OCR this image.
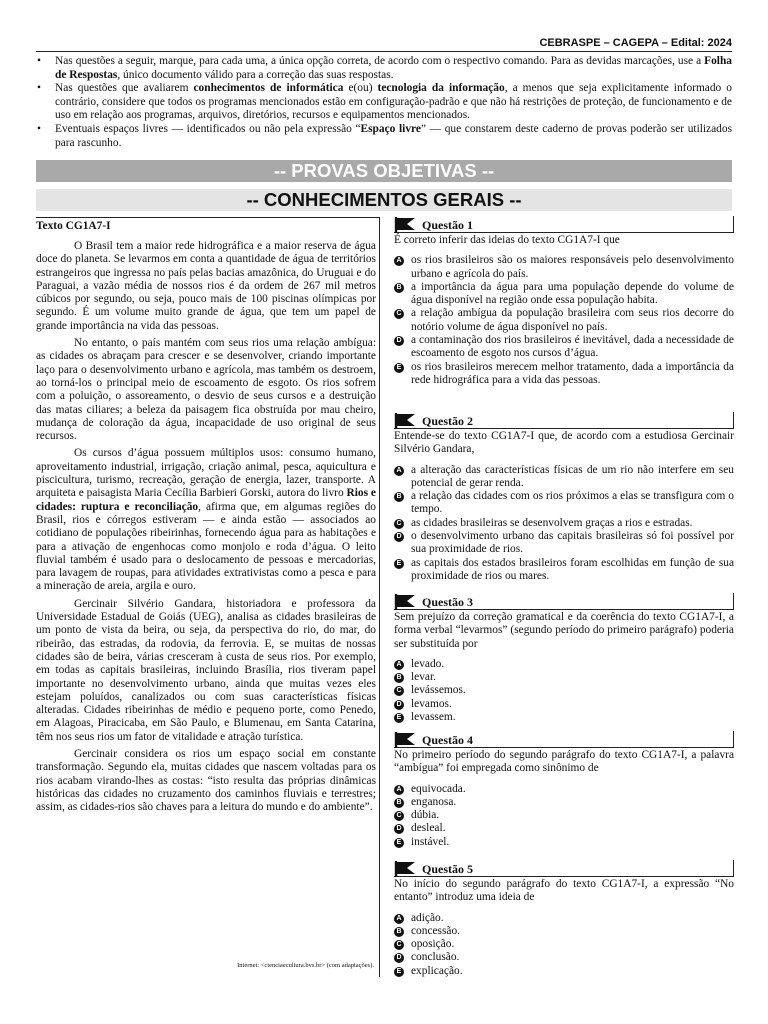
CEBRASPE – CAGEPA – Edital: 2024
• Nas questões a seguir, marque, para cada uma, a única opção correta, de acordo com o respectivo comando. Para as devidas marcações, use a Folha de Respostas, único documento válido para a correção das suas respostas.
• Nas questões que avaliarem conhecimentos de informática e(ou) tecnologia da informação, a menos que seja explicitamente informado o contrário, considere que todos os programas mencionados estão em configuração-padrão e que não há restrições de proteção, de funcionamento e de uso em relação aos programas, arquivos, diretórios, recursos e equipamentos mencionados.
• Eventuais espaços livres — identificados ou não pela expressão “Espaço livre” — que constarem deste caderno de provas poderão ser utilizados para rascunho.
-- PROVAS OBJETIVAS --
-- CONHECIMENTOS GERAIS --
Texto CG1A7-I

O Brasil tem a maior rede hidrográfica e a maior reserva de água doce do planeta. Se levarmos em conta a quantidade de água de territórios estrangeiros que ingressa no país pelas bacias amazônica, do Uruguai e do Paraguai, a vazão média de nossos rios é da ordem de 267 mil metros cúbicos por segundo, ou seja, pouco mais de 100 piscinas olímpicas por segundo. É um volume muito grande de água, que tem um papel de grande importância na vida das pessoas.

No entanto, o país mantém com seus rios uma relação ambígua: as cidades os abraçam para crescer e se desenvolver, criando importante laço para o desenvolvimento urbano e agrícola, mas também os destroem, ao torná-los o principal meio de escoamento de esgoto. Os rios sofrem com a poluição, o assoreamento, o desvio de seus cursos e a destruição das matas ciliares; a beleza da paisagem fica obstruída por mau cheiro, mudança de coloração da água, incapacidade de uso original de seus recursos.

Os cursos d’água possuem múltiplos usos: consumo humano, aproveitamento industrial, irrigação, criação animal, pesca, aquicultura e piscicultura, turismo, recreação, geração de energia, lazer, transporte. A arquiteta e paisagista Maria Cecília Barbieri Gorski, autora do livro Rios e cidades: ruptura e reconciliação, afirma que, em algumas regiões do Brasil, rios e córregos estiveram — e ainda estão — associados ao cotidiano de populações ribeirinhas, fornecendo água para as habitações e para a ativação de engenhocas como monjolo e roda d’água. O leito fluvial também é usado para o deslocamento de pessoas e mercadorias, para lavagem de roupas, para atividades extrativistas como a pesca e para a mineração de areia, argila e ouro.

Gercinair Silvério Gandara, historiadora e professora da Universidade Estadual de Goiás (UEG), analisa as cidades brasileiras de um ponto de vista da beira, ou seja, da perspectiva do rio, do mar, do ribeirão, das estradas, da rodovia, da ferrovia. E, se muitas de nossas cidades são de beira, várias cresceram à custa de seus rios. Por exemplo, em todas as capitais brasileiras, incluindo Brasília, rios tiveram papel importante no desenvolvimento urbano, ainda que muitas vezes eles estejam poluídos, canalizados ou com suas características físicas alteradas. Cidades ribeirinhas de médio e pequeno porte, como Penedo, em Alagoas, Piracicaba, em São Paulo, e Blumenau, em Santa Catarina, têm nos seus rios um fator de vitalidade e atração turística.

Gercinair considera os rios um espaço social em constante transformação. Segundo ela, muitas cidades que nascem voltadas para os rios acabam virando-lhes as costas: “isto resulta das próprias dinâmicas históricas das cidades no cruzamento dos caminhos fluviais e terrestres; assim, as cidades-rios são chaves para a leitura do mundo e do ambiente”.

Internet: <cienciaecultura.bvs.br> (com adaptações).
Questão 1
É correto inferir das ideias do texto CG1A7-I que
A os rios brasileiros são os maiores responsáveis pelo desenvolvimento urbano e agrícola do país.
B a importância da água para uma população depende do volume de água disponível na região onde essa população habita.
C a relação ambígua da população brasileira com seus rios decorre do notório volume de água disponível no país.
D a contaminação dos rios brasileiros é inevitável, dada a necessidade de escoamento de esgoto nos cursos d’água.
E os rios brasileiros merecem melhor tratamento, dada a importância da rede hidrográfica para a vida das pessoas.
Questão 2
Entende-se do texto CG1A7-I que, de acordo com a estudiosa Gercinair Silvério Gandara,
A a alteração das características físicas de um rio não interfere em seu potencial de gerar renda.
B a relação das cidades com os rios próximos a elas se transfigura com o tempo.
C as cidades brasileiras se desenvolvem graças a rios e estradas.
D o desenvolvimento urbano das capitais brasileiras só foi possível por sua proximidade de rios.
E as capitais dos estados brasileiros foram escolhidas em função de sua proximidade de rios ou mares.
Questão 3
Sem prejuízo da correção gramatical e da coerência do texto CG1A7-I, a forma verbal “levarmos” (segundo período do primeiro parágrafo) poderia ser substituída por
A levado.
B levar.
C levássemos.
D levamos.
E levassem.
Questão 4
No primeiro período do segundo parágrafo do texto CG1A7-I, a palavra “ambígua” foi empregada como sinônimo de
A equivocada.
B enganosa.
C dúbia.
D desleal.
E instável.
Questão 5
No início do segundo parágrafo do texto CG1A7-I, a expressão “No entanto” introduz uma ideia de
A adição.
B concessão.
C oposição.
D conclusão.
E explicação.
